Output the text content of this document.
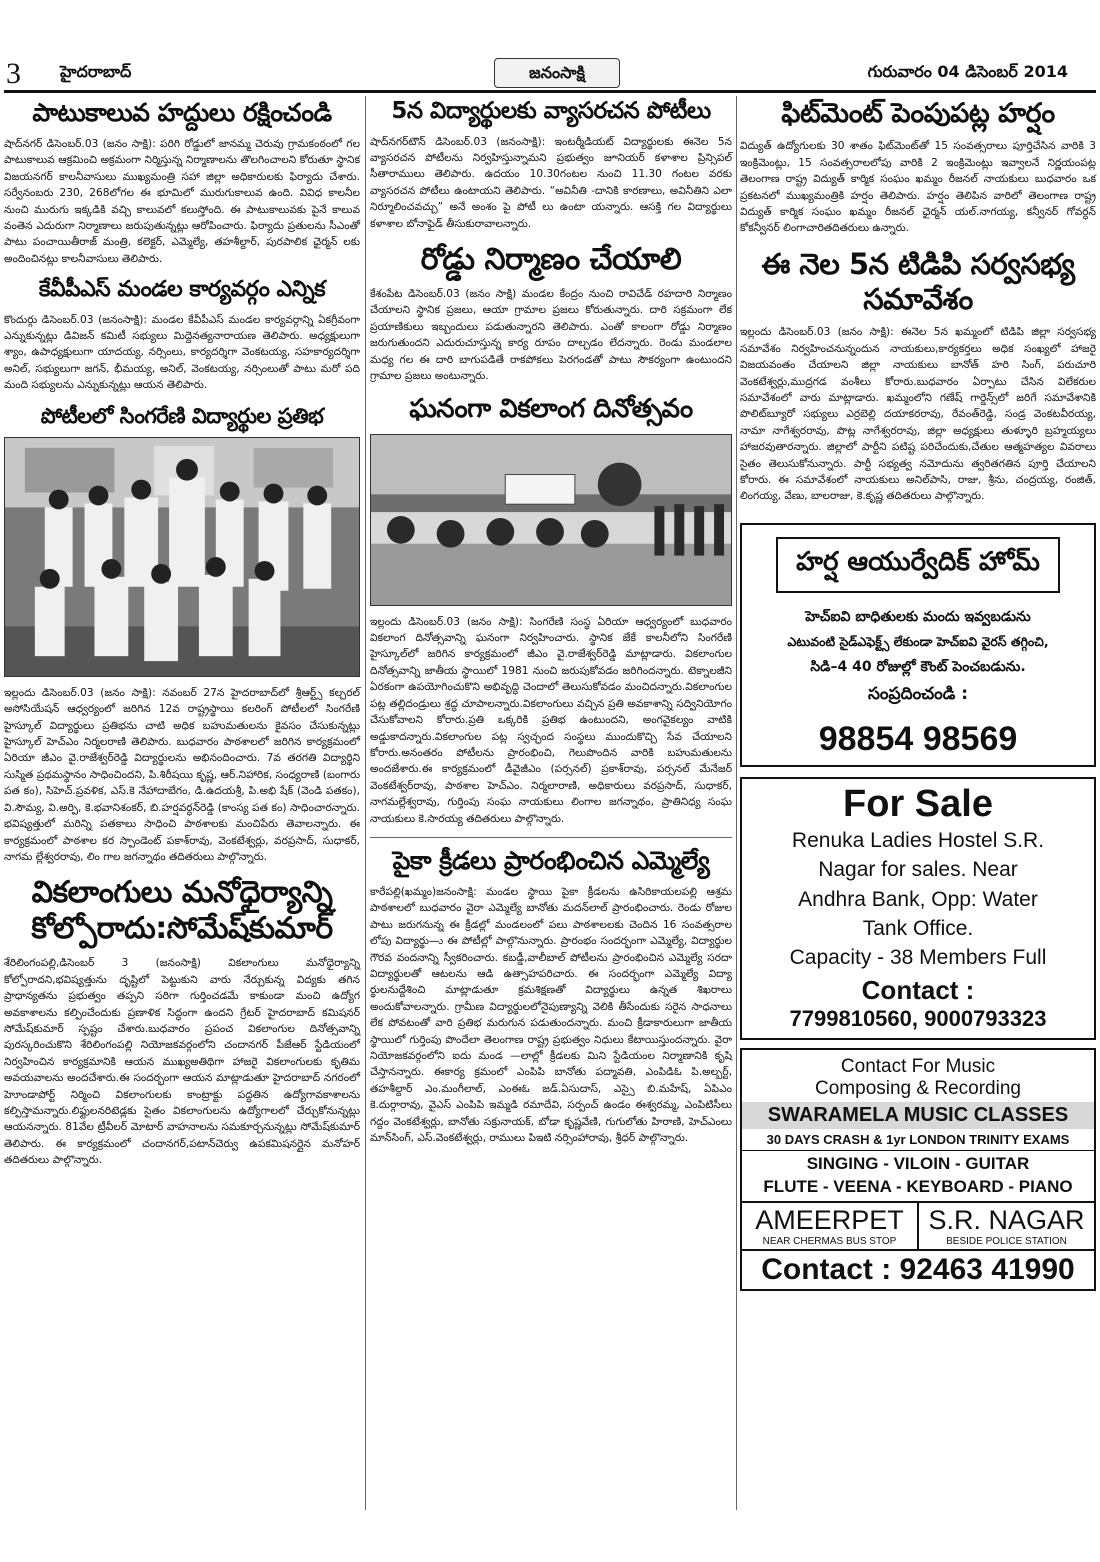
3 హైదరాబాద్	జనంసాక్షి	గురువారం 04 డిసెంబర్ 2014
పాటుకాలువ హద్దులు రక్షించండి

షాద్‌నగర్ డిసెంబర్.03 (జనం సాక్షి): పరిగి రోడ్డులో జానమ్మ చెరువు గ్రామకంఠంలో గల పాటుకాలువ ఆక్రమించి అక్రమంగా నిర్మిస్తున్న నిర్మాణాలను తొలగించాలని కోరుతూ స్థానిక విజయనగర్ కాలనీవాసులు ముఖ్యమంత్రి సహా జిల్లా అధికారులకు ఫిర్యాదు చేశారు. సర్వేనంబరు 230, 268లోగల ఈ భూమిలో మురుగుకాలువ ఉంది. వివిధ కాలనీల నుంచి మురుగు ఇక్కడికి వచ్చి కాలువలో కలుస్తోంది. ఈ పాటుకాలువకు పైనే కాలువ వంతెన ఎదురుగా నిర్మాణాలు జరుపుతున్నట్లు ఆరోపించారు. ఫిర్యాదు ప్రతులను సీఎంతో పాటు పంచాయితీరాజ్ మంత్రి, కలెక్టర్, ఎమ్మెల్యే, తహశీల్దార్, పురపాలిక ఛైర్మన్ లకు అందించినట్లు కాలనీవాసులు తెలిపారు.

కేవీపీఎస్ మండల కార్యవర్గం ఎన్నిక

కొందుర్గు డిసెంబర్.03 (జనంసాక్షి): మండల కేవీపీఎస్ మండల కార్యవర్గాన్ని ఏకగ్రీవంగా ఎన్నుకున్నట్లు డివిజన్ కమిటీ సభ్యులు మిద్దెనత్యనారాయణ తెలిపారు. అధ్యక్షులుగా శ్యాం, ఉపాధ్యక్షులుగా యాదయ్య, నర్సింలు, కార్యదర్శిగా వెంకటయ్య, సహకార్యదర్శిగా అనిల్, సభ్యులుగా జగన్, భీమయ్య, అనిల్, వెంకటయ్య, నర్సింలుతో పాటు మరో పది మంది సభ్యులను ఎన్నుకున్నట్లు ఆయన తెలిపారు.

పోటీలలో సింగరేణి విద్యార్థుల ప్రతిభ

ఇల్లందు డిసెంబర్.03 (జనం సాక్షి): నవంబర్ 27న హైదరాబాద్‌లో శ్రీఆర్ట్స్ కల్చరల్ అసోసియేషన్ ఆధ్వర్యంలో జరిగిన 12వ రాష్ట్రస్థాయి కలరింగ్ పోటీలలో సింగరేణి హైస్కూల్ విద్యార్థులు ప్రతిభను చాటి అధిక బహుమతులను కైవసం చేసుకున్నట్లు హైస్కూల్ హెచ్ఎం నిర్మలరాణి తెలిపారు. బుధవారం పాఠశాలలో జరిగిన కార్యక్రమంలో ఏరియా జీఎం వై.రాజేశ్వర్‌రెడ్డి విద్యార్థులను అభినందించారు. 7వ తరగతి విద్యార్థిని సుస్మిత ప్రథమస్థానం సాధించిందని, పి.శిరీషయి కృష్ణ, ఆర్.నిహారిక, సంధ్యరాణి (బంగారు పత కం), సిహెచ్.ప్రవళిక, ఎస్.కె నేహాదాబేగం, డి.ఉదయశ్రీ, పి.అభి షేక్ (వెండి పతకం), వి.సౌమ్య, వి.అర్పి, కె.భవానిశంకర్, బి.హర్షవర్ధన్‌రెడ్డి (కాంస్య పత కం) సాధించారన్నారు. భవిష్యత్తులో మరిన్ని పతకాలు సాధించి పాఠశాలకు మంచిపేరు తెవాలన్నారు. ఈ కార్యక్రమంలో పాఠశాల కర స్పాండెంట్ పకాశ్‌రావు, వెంకటేశ్వర్లు, వరప్రసాద్, సుధాకర్, నాగమ ల్లేశ్వరరావు, లిం గాల జగన్నాథం తదితరులు పాల్గొన్నారు.

వికలాంగులు మనోధైర్యాన్ని
కోల్పోరాదు:సోమేష్‌కుమార్

శేరిలింగంపల్లి,డిసెంబర్ 3 (జనంసాక్షి) వికలాంగులు మనోధైర్యాన్ని కోల్పోరాదని,భవిష్యత్తును దృష్టిలో పెట్టుకుని వారు నేర్చుకున్న విద్యకు తగిన ప్రాధాన్యతను ప్రభుత్వం తప్పని సరిగా గుర్తించడమే కాకుండా మంచి ఉద్యోగ అవకాశాలను కల్పించేందుకు ప్రణాళిక సిద్ధంగా ఉందని గ్రేటర్ హైదరాబాద్ కమిషనర్ సోమేష్‌కుమార్ స్పష్టం చేశారు.బుధవారం ప్రపంచ వికలాంగుల దినోత్సవాన్ని పురస్కరించుకొని శేరిలింగంపల్లి నియోజకవర్గంలోని చందానగర్ పీజేఆర్ స్టేడియంలో నిర్వహించిన కార్యక్రమానికి ఆయన ముఖ్యఅతిథిగా హాజరై వికలాంగులకు కృతిమ అవయవాలను అందచేశారు.ఈ సందర్భంగా ఆయన మాట్లాడుతూ హైదరాబాద్ నగరంలో హెూండాపోర్ట్ నిర్మించి వికలాంగులకు కాంట్రాక్టు పద్ధతిన ఉద్యోగావకాశాలను కల్పిస్తామన్నారు.లిఫ్టులనరిటెడ్లకు సైతం వికలాంగులను ఉద్యోగాలలో చేర్చుకోనున్నట్లు ఆయనన్నారు. 81వేల ట్రీవీలర్ మోటార్ వాహనాలను సమకూర్చనున్నట్లు సోమేష్‌కుమార్ తెలిపారు. ఈ కార్యక్రమంలో చందానగర్,పటాన్‌చెర్వు ఉపకమిషనర్లైన మనోహర్ తదితరులు పాల్గొన్నారు.

5న విద్యార్థులకు వ్యాసరచన పోటీలు

షాద్‌నగర్‌టౌన్ డిసెంబర్.03 (జనంసాక్షి): ఇంటర్మీడియట్ విద్యార్థులకు ఈనెల 5న వ్యాసరచన పోటీలను నిర్వహిస్తున్నామని ప్రభుత్వం జూనియర్ కళాశాల ప్రిన్సిపల్ సీతారాములు తెలిపారు. ఉదయం 10.30గంటల నుంచి 11.30 గంటల వరకు వ్యాసరచన పోటీలు ఉంటాయని తెలిపారు. “అవినీతి -దానికి కారణాలు, అవినీతిని ఎలా నిర్మూలించవచ్చు” అనే అంశం పై పోటీ లు ఉంటా యన్నారు. ఆసక్తి గల విద్యార్థులు కళాశాల బోనాఫైడ్ తీసుకురావాలన్నారు.

రోడ్డు నిర్మాణం చేయాలి

కేశంపేట డిసెంబర్.03 (జనం సాక్షి) మండల కేంద్రం నుంచి రావిచేడ్ రహదారి నిర్మాణం చేయాలని స్థానిక ప్రజలు, ఆయా గ్రామాల ప్రజలు కోరుతున్నారు. దారి సక్రమంగా లేక ప్రయాణికులు ఇబ్బందులు పడుతున్నారని తెలిపారు. ఎంతో కాలంగా రోడ్డు నిర్మాణం జరుగుతుందని ఎదురుచూస్తున్న కార్య రూపం దాల్చడం లేదన్నారు. రెండు మండలాల మధ్య గల ఈ దారి బాగుపడితే రాకపోకలు పెరగండతో పాటు సౌకర్యంగా ఉంటుందని గ్రామాల ప్రజలు అంటున్నారు.

ఘనంగా వికలాంగ దినోత్సవం

ఇల్లందు డిసెంబర్.03 (జనం సాక్షి): సింగరేణి సంస్థ ఏరియా ఆధ్వర్యంలో బుధవారం వికలాంగ దినోత్సవాన్ని ఘనంగా నిర్వహించారు. స్థానిక జేకే కాలనీలోని సింగరేణి హైస్కూల్‌లో జరిగిన కార్యక్రమంలో జీఎం వై.రాజేశ్వర్‌రెడ్డి మాట్లాడారు. వికలాంగుల దినోత్సవాన్ని జాతీయ స్థాయిలో 1981 నుంచి జరుపుకోవడం జరిగిందన్నారు. టెక్నాలజీని ఏరకంగా ఉపయోగించుకొని అభివృద్ధి చెందాలో తెలుసుకోవడం మంచిదన్నారు.వికలాంగుల పట్ల తల్లిదండ్రులు శ్రద్ధ చూపాలన్నారు.వికలాంగులు వచ్చిన ప్రతి అవకాశాన్ని సద్వినియోగం చేసుకోవాలని కోరారు.ప్రతి ఒక్కరికి ప్రతిభ ఉంటుందని, అంగవైకల్యం వాటికి అడ్డుకాదన్నారు.వికలాంగుల పట్ల స్వచ్ఛంద సంస్థలు ముందుకొచ్చి సేవ చేయాలని కోరారు.అనంతరం పోటీలను ప్రారంభించి, గెలుపొందిన వారికి బహుమతులను అందజేశారు.ఈ కార్యక్రమంలో డీవైజీఎం (పర్సనల్) ప్రకాశ్‌రావు, పర్సనల్ మేనేజర్ వెంకటేశ్వర్‌రావు, పాఠశాల హెచ్ఎం. నిర్మలారాణి, అధికారులు వరప్రసాద్, సుధాకర్, నాగమల్లేశ్వరావు, గుర్తింపు సంఘ నాయకులు లింగాల జగన్నాథం, ప్రాతినిధ్య సంఘ నాయకులు కె.సారయ్య తదితరులు పాల్గొన్నారు.

పైకా క్రీడలు ప్రారంభించిన ఎమ్మెల్యే

కారేపల్లి(ఖమ్మం)జనంసాక్షి: మండల స్థాయి పైకా క్రీడలను ఉసిరికాయలపల్లి ఆశ్రమ పాఠశాలలో బుధవారం వైరా ఎమ్మెల్యే బానోతు మదన్‌లాల్ ప్రారంభించారు. రెండు రోజుల పాటు జరుగనున్న ఈ క్రీడల్లో మండలంలో పలు పాఠశాలలకు చెందిన 16 సంవత్సరాల లోపు విద్యార్థు—ు ఈ పోటీల్లో పాల్గొనున్నారు. ప్రారంభం సందర్భంగా ఎమ్మెల్యే, విద్యార్థుల గౌరవ వందనాన్ని స్వీకరించారు. కబడ్డీ,వాలీబాల్ పోటీలను ప్రారంభించిన ఎమ్మెల్యే సరదా విద్యార్థులతో ఆటలను ఆడి ఉత్సాహపరిచారు. ఈ సందర్భంగా ఎమ్మెల్యే విద్యా ర్థులనుద్దేశించి మాట్లాడుతూ క్రమశిక్షణతో విద్యార్థులు ఉన్నత శిఖరాలు అందుకోవాలన్నారు. గ్రామీణ విద్యార్థులలోనైపుణ్యాన్ని వెలికి తీసేందుకు సరైన సాధనాలు లేక పోవటంతో వారి ప్రతిభ మరుగున పడుతుందన్నారు. మంచి క్రీడాకారులుగా జాతీయ స్థాయిలో గుర్తింపు పొందేలా తెలంగాణ రాష్ట్ర ప్రభుత్వం నిధులు కేటాయిస్తుందన్నారు. వైరా నియోజకవర్గంలోని ఐదు మండ —లాల్లో క్రీడలకు మిని స్టేడియంల నిర్మాణానికి కృషి చేస్తానన్నారు. ఈకార్య క్రమంలో ఎంపిపి బానోతు పద్మావతి, ఎంపిడిఓ పి.అల్బర్ట్, తహశీల్దార్ ఎం.మంగీలాల్, ఎంఈఓ జడ్.ఏసుదాస్, ఎస్సై బి.మహేష్, ఏపిఎం కె.దుర్గారావు, వైఎస్ ఎంపిపి ఇమ్మడి రమాదేవి, సర్పంచ్ ఉండం ఈశ్వరమ్మ, ఎంపిటిసీలు గద్దం వెంకటేశ్వర్లు, బానోతు సక్రునాయక్, బోడా కృష్ణవేణి, గుగులోతు హిరాణి, హెచ్ఎంలు మాన్‌సింగ్, ఎస్.వెంకటేశ్వర్లు, రాములు పిఇటి నర్సింహారావు, శ్రీధర్ పాల్గొన్నారు.

ఫిట్‌మెంట్ పెంపుపట్ల హర్షం

విద్యుత్ ఉద్యోగులకు 30 శాతం ఫిట్‌మెంట్‌తో 15 సంవత్సరాలు పూర్తిచేసిన వారికి 3 ఇంక్రిమెంట్లు, 15 సంవత్సరాలలోపు వారికి 2 ఇంక్రిమెంట్లు ఇవ్వాలనే నిర్ణయంపట్ల తెలంగాణ రాష్ట్ర విద్యుత్ కార్మిక సంఘం ఖమ్మం రీజనల్ నాయకులు బుధవారం ఒక ప్రకటనలో ముఖ్యమంత్రికి హర్షం తెలిపారు. హర్షం తెలిపిన వారిలో తెలంగాణ రాష్ట్ర విద్యుత్ కార్మిక సంఘం ఖమ్మం రీజనల్ ఛైర్మన్ యల్.నాగయ్య, కన్వీనర్ గోవర్ధన్ కోకన్వీనర్ లింగాచారితదితరులు ఉన్నారు.

ఈ నెల 5న టిడిపి సర్వసభ్య
సమావేశం

ఇల్లందు డిసెంబర్.03 (జనం సాక్షి): ఈనెల 5న ఖమ్మంలో టిడిపి జిల్లా సర్వసభ్య సమావేశం నిర్వహించనున్నందున నాయకులు,కార్యకర్తలు అధిక సంఖ్యలో హాజరై విజయవంతం చేయాలని జిల్లా నాయకులు బానోత్ హరి సింగ్, పరుచూరి వెంకటేశ్వర్లు,ముద్రగడ వంశీలు కోరారు.బుధవారం ఏర్పాటు చేసిన విలేకరుల సమావేశంలో వారు మాట్లాడారు. ఖమ్మంలోని గణేష్ గార్డెన్స్‌లో జరిగే సమావేశానికి పొలిట్‌బ్యూరో సభ్యులు ఎర్రబెల్లి దయాకరరావు, రేవంత్‌రెడ్డి, సండ్ర వెంకటవీరయ్య, నామా నాగేశ్వరరావు, పొట్ల నాగేశ్వరరావు, జిల్లా అధ్యక్షులు తుళ్ళూరి బ్రహ్మయ్యలు హాజరవుతారన్నారు. జిల్లాలో పార్టీని పటిష్ట పరిచేందుకు,చేతుల ఆత్మహత్యల వివరాలు సైతం తెలుసుకోనున్నారు. పార్టీ సభ్యత్వ నమోదును త్వరితగతిన పూర్తి చేయాలని కోరారు. ఈ సమావేశంలో నాయకులు అనిల్‌పాసి, రాజు, శ్రీను, చంద్రయ్య, రంజిత్, లింగయ్య, వేణు, బాలరాజు, కె.కృష్ణ తదితరులు పాల్గొన్నారు.

హర్ష ఆయుర్వేదిక్ హోమ్
హెచ్ఐవి బాధితులకు మందు ఇవ్వబడును
ఎటువంటి సైడ్‌ఎఫెక్ట్స్ లేకుండా హెచ్ఐవి వైరస్ తగ్గించి,
సిడి–4 40 రోజుల్లో కౌంట్ పెంచబడును.
సంప్రదించండి :
98854 98569
For Sale
Renuka Ladies Hostel S.R.
Nagar for sales. Near
Andhra Bank, Opp: Water
Tank Office.
Capacity - 38 Members Full
Contact :
7799810560, 9000793323
Contact For Music
Composing & Recording
SWARAMELA MUSIC CLASSES
30 DAYS CRASH & 1yr LONDON TRINITY EXAMS
SINGING - VILOIN - GUITAR
FLUTE - VEENA - KEYBOARD - PIANO
AMEERPET
NEAR CHERMAS BUS STOP
S.R. NAGAR
BESIDE POLICE STATION
Contact : 92463 41990
